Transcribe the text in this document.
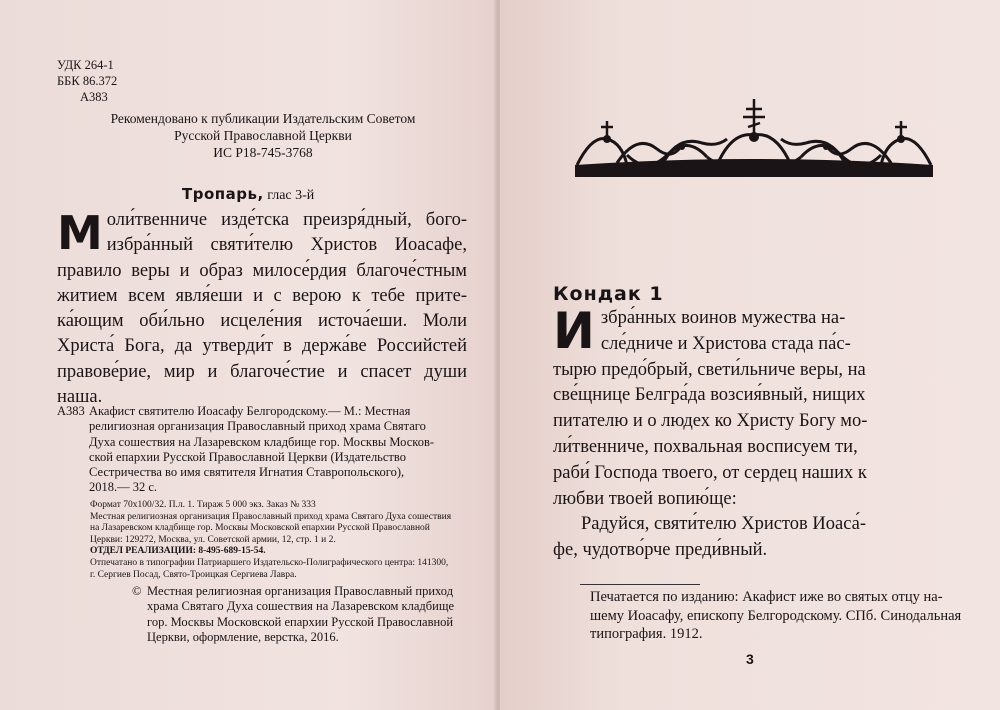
УДК 264-1
ББК 86.372
А383
Рекомендовано к публикации Издательским Советом
Русской Православной Церкви
ИС Р18-745-3768
Тропарь, глас 3-й
М оли́твенниче изде́тска преизря́дный, бого-
избра́нный святи́телю Христов Иоасафе,
правило веры и образ милосе́рдия благоче́стным
житием всем явля́еши и с верою к тебе прите-
ка́ющим оби́льно исцеле́ния источа́еши. Моли
Христа́ Бога, да утверди́т в держа́ве Российстей
правове́рие, мир и благоче́стие и спасет души
наша.
А383 Акафист святителю Иоасафу Белгородскому.— М.: Местная
религиозная организация Православный приход храма Святаго
Духа сошествия на Лазаревском кладбище гор. Москвы Москов-
ской епархии Русской Православной Церкви (Издательство
Сестричества во имя святителя Игнатия Ставропольского),
2018.— 32 с.
Формат 70х100/32. П.л. 1. Тираж 5 000 экз. Заказ № 333
Местная религиозная организация Православный приход храма Святаго Духа сошествия
на Лазаревском кладбище гор. Москвы Московской епархии Русской Православной
Церкви: 129272, Москва, ул. Советской армии, 12, стр. 1 и 2.
ОТДЕЛ РЕАЛИЗАЦИИ: 8-495-689-15-54.
Отпечатано в типографии Патриаршего Издательско-Полиграфического центра: 141300,
г. Сергиев Посад, Свято-Троицкая Сергиева Лавра.
© Местная религиозная организация Православный приход
храма Святаго Духа сошествия на Лазаревском кладбище
гор. Москвы Московской епархии Русской Православной
Церкви, оформление, верстка, 2016.
Кондак 1
И збра́нных воинов мужества на-
сле́дниче и Христова стада па́с-
тырю предо́брый, свети́льниче веры, на
све́щнице Белгра́да возсия́вный, нищих
питателю и о людех ко Христу Богу мо-
ли́твенниче, похвальная восписуем ти,
раби́ Господа твоего, от сердец наших к
любви твоей вопию́ще:
Радуйся, святи́телю Христов Иоаса́-
фе, чудотво́рче преди́вный.
Печатается по изданию: Акафист иже во святых отцу на-
шему Иоасафу, епископу Белгородскому. СПб. Синодальная
типография. 1912.
3
